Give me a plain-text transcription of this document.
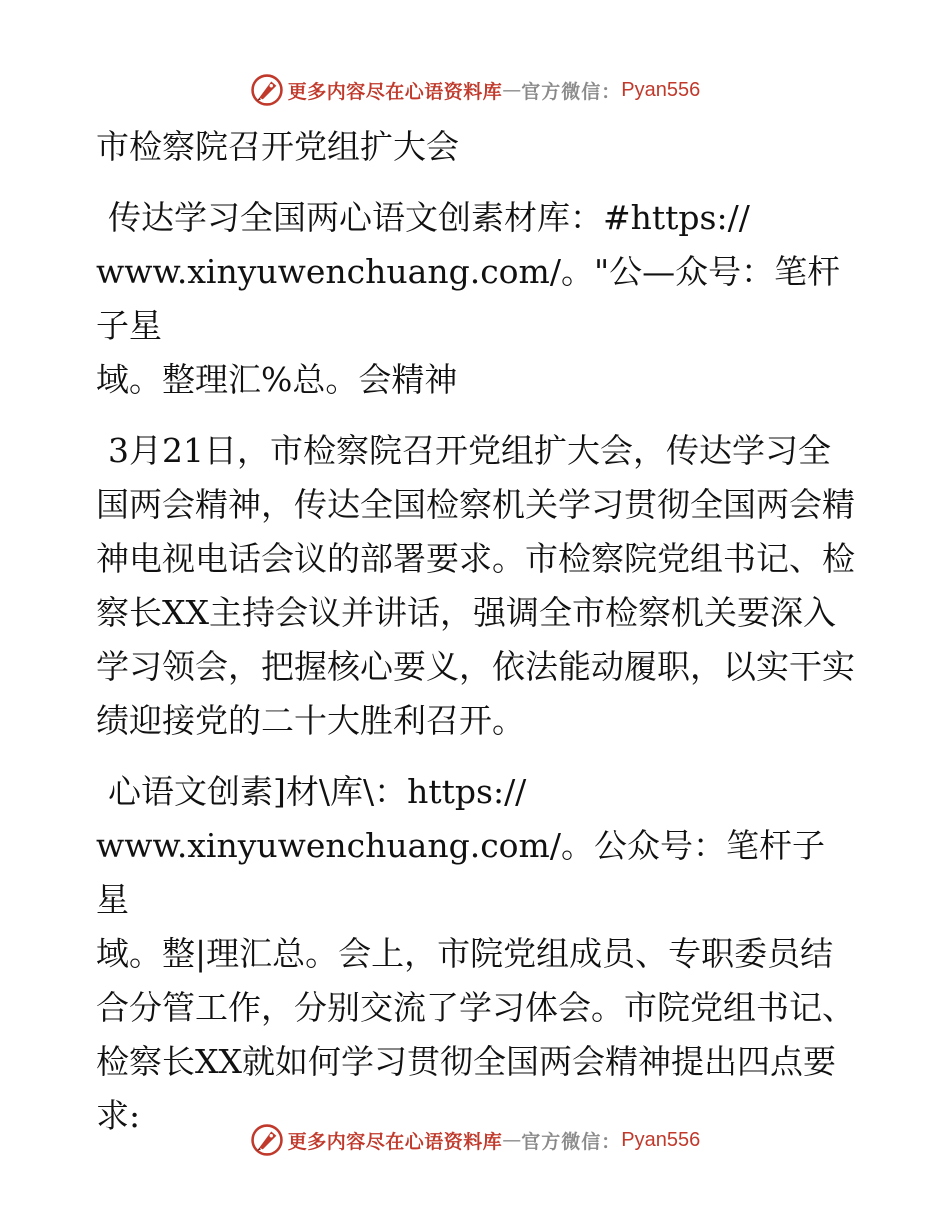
更多内容尽在心语资料库 — 官方微信： Pyan556

市检察院召开党组扩大会

传达学习全国两心语文创素材库：#https://
www.xinyuwenchuang.com/。"公—众号：笔杆子星
域。整理汇%总。会精神

3月21日，市检察院召开党组扩大会，传达学习全国两会精神，传达全国检察机关学习贯彻全国两会精神电视电话会议的部署要求。市检察院党组书记、检察长XX主持会议并讲话，强调全市检察机关要深入学习领会，把握核心要义，依法能动履职，以实干实绩迎接党的二十大胜利召开。

心语文创素]材\库\：https://
www.xinyuwenchuang.com/。公众号：笔杆子星
域。整|理汇总。会上，市院党组成员、专职委员结合分管工作，分别交流了学习体会。市院党组书记、检察长XX就如何学习贯彻全国两会精神提出四点要求:

更多内容尽在心语资料库 — 官方微信： Pyan556
